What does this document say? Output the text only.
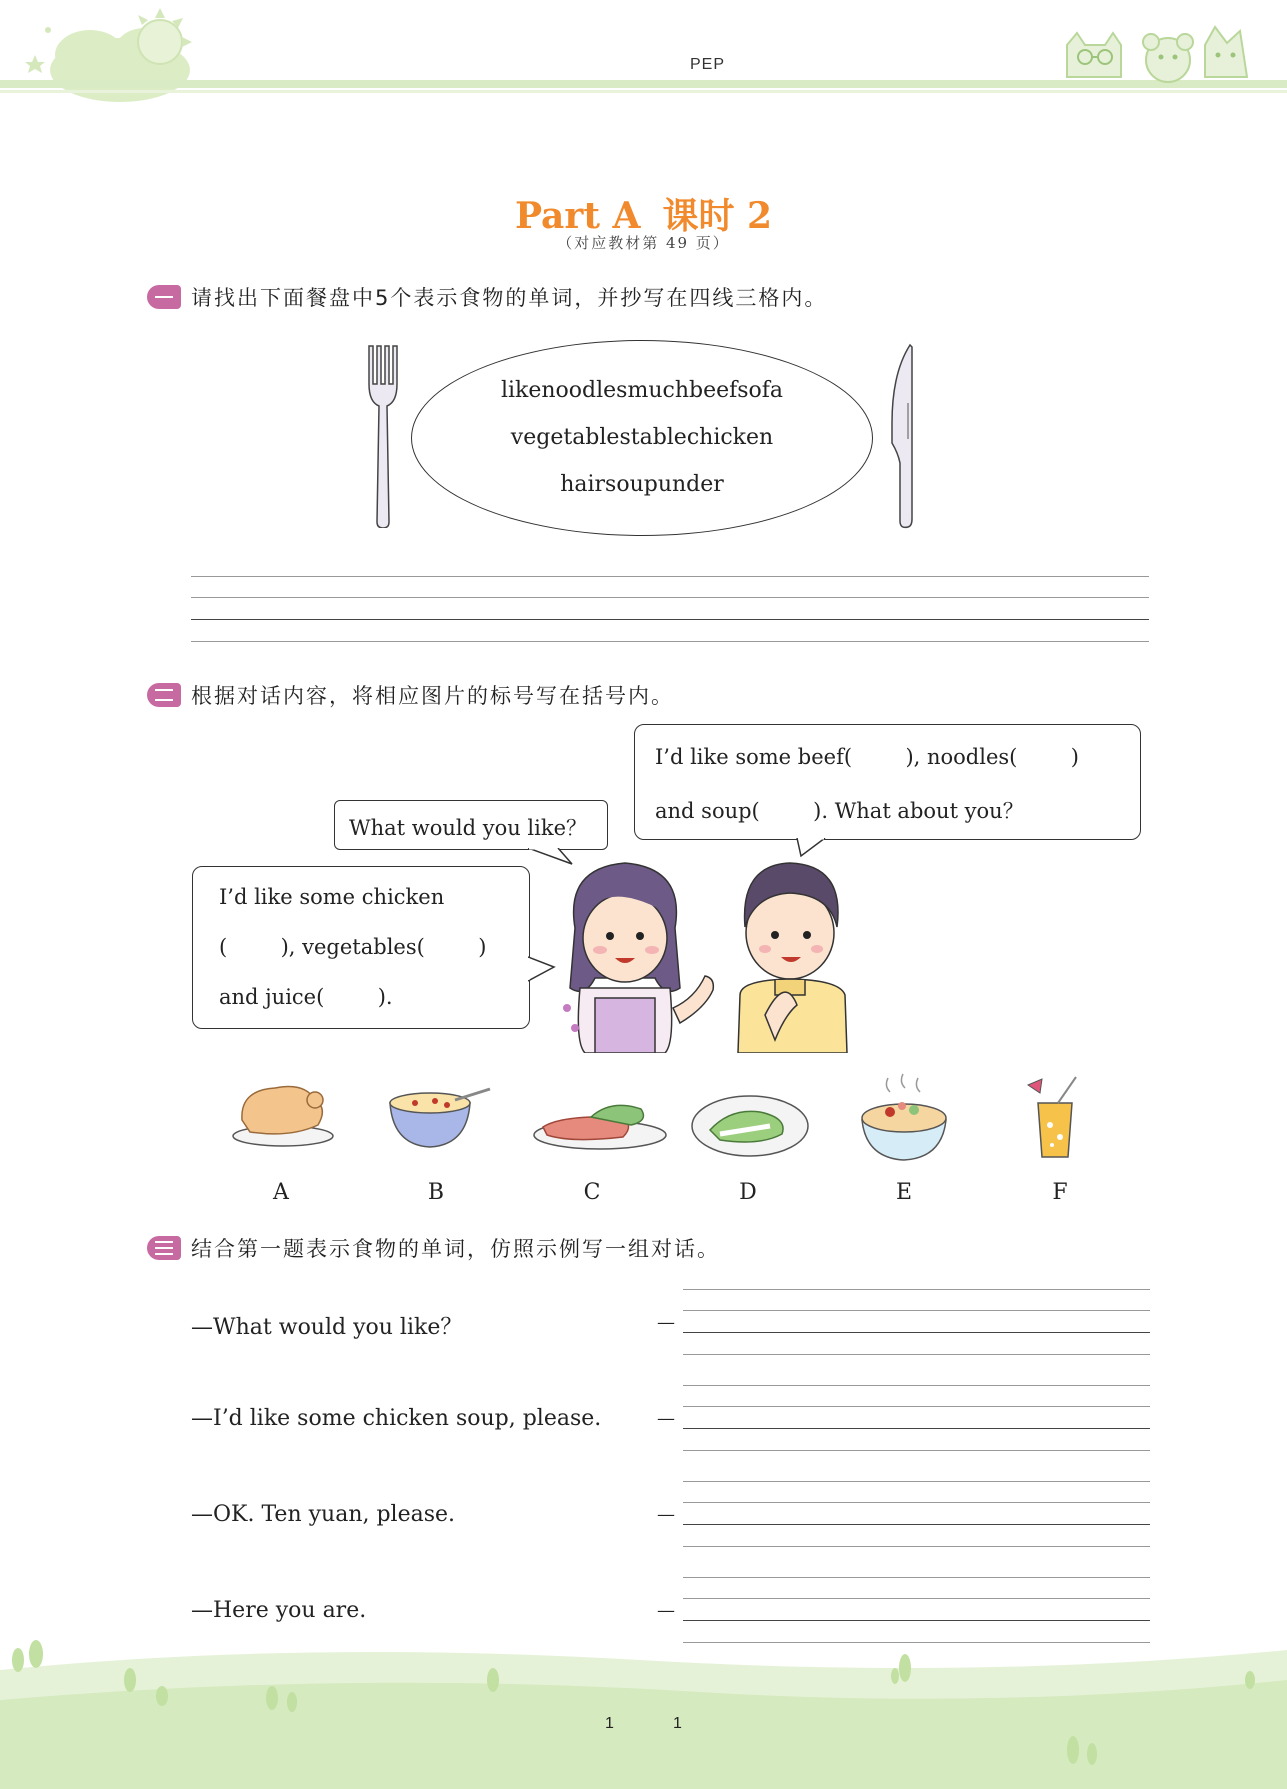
PEP
Part A 课时 2
（对应教材第 49 页）
请找出下面餐盘中5个表示食物的单词，并抄写在四线三格内。
likenoodlesmuchbeefsofa
vegetablestablechicken
hairsoupunder
根据对话内容，将相应图片的标号写在括号内。

I’d like some beef(        ), noodles(        )

and soup(        ). What about you？

What would you like？

I’d like some chicken

(        ), vegetables(        )

and juice(        ).

A	B	C	D	E	F
结合第一题表示食物的单词，仿照示例写一组对话。
—What would you like？
—I’d like some chicken soup, please.
—OK. Ten yuan, please.
—Here you are.
—
—
—
—
1	1
